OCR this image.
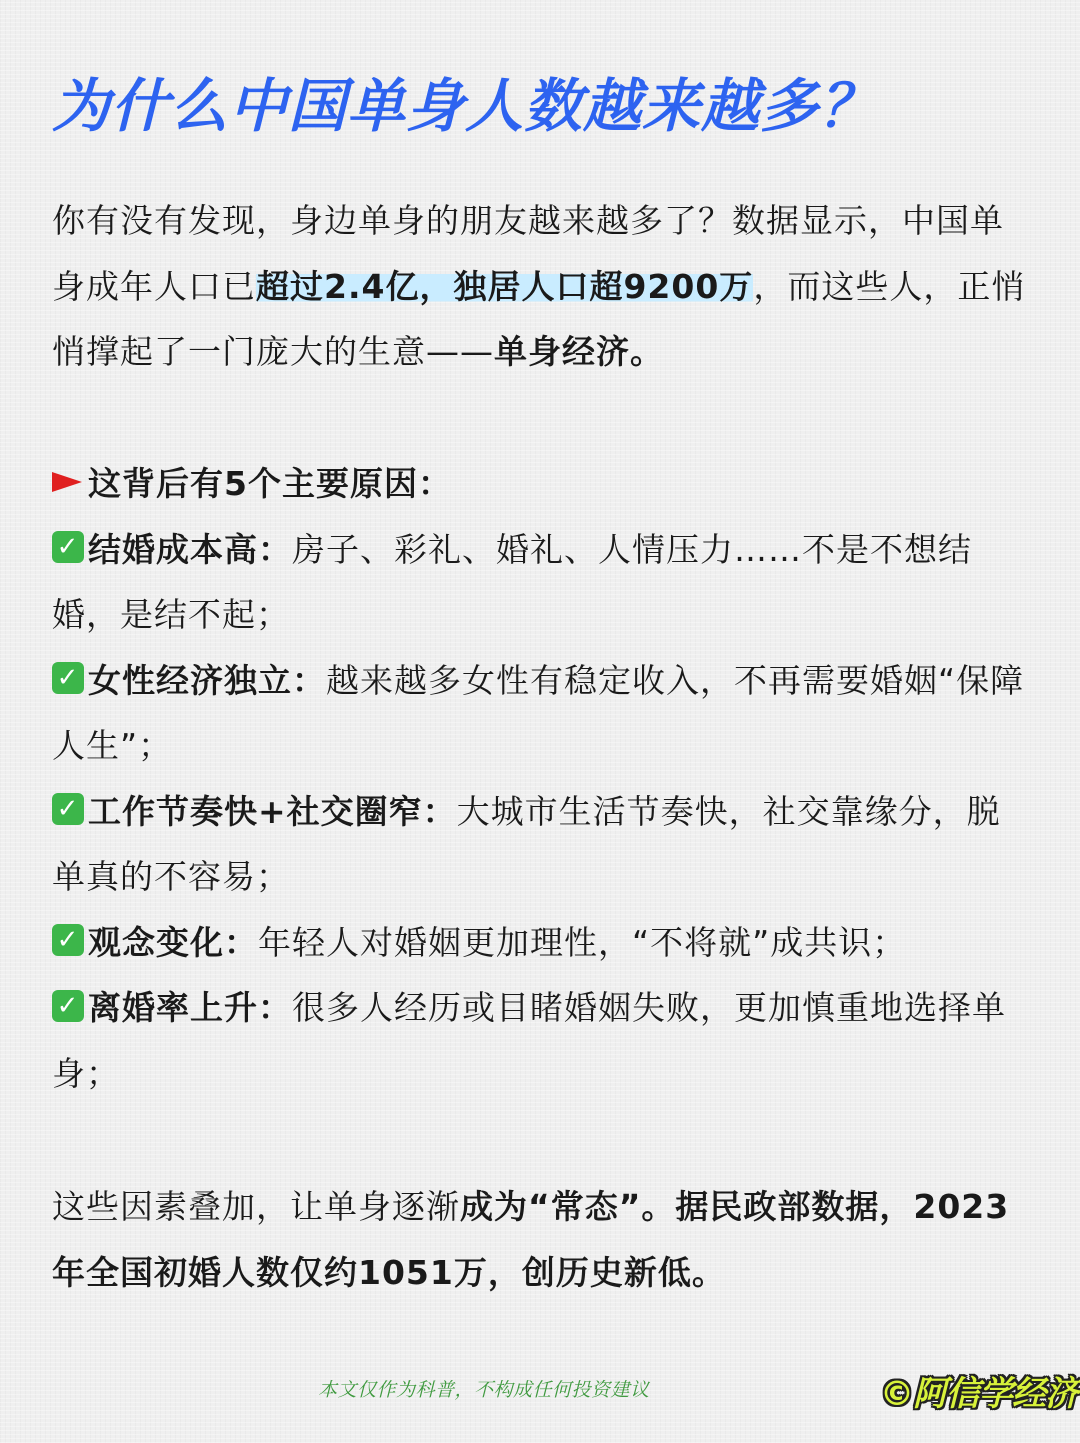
为什么中国单身人数越来越多？
你有没有发现，身边单身的朋友越来越多了？数据显示，中国单身成年人口已超过2.4亿，独居人口超9200万，而这些人，正悄悄撑起了一门庞大的生意——单身经济。
这背后有5个主要原因：
✓ 结婚成本高：房子、彩礼、婚礼、人情压力……不是不想结婚，是结不起；
✓ 女性经济独立：越来越多女性有稳定收入，不再需要婚姻“保障人生”；
✓ 工作节奏快+社交圈窄：大城市生活节奏快，社交靠缘分，脱单真的不容易；
✓ 观念变化：年轻人对婚姻更加理性，“不将就”成共识；
✓ 离婚率上升：很多人经历或目睹婚姻失败，更加慎重地选择单身；
这些因素叠加，让单身逐渐成为“常态”。据民政部数据，2023年全国初婚人数仅约1051万，创历史新低。
本文仅作为科普，不构成任何投资建议	©阿信学经济
